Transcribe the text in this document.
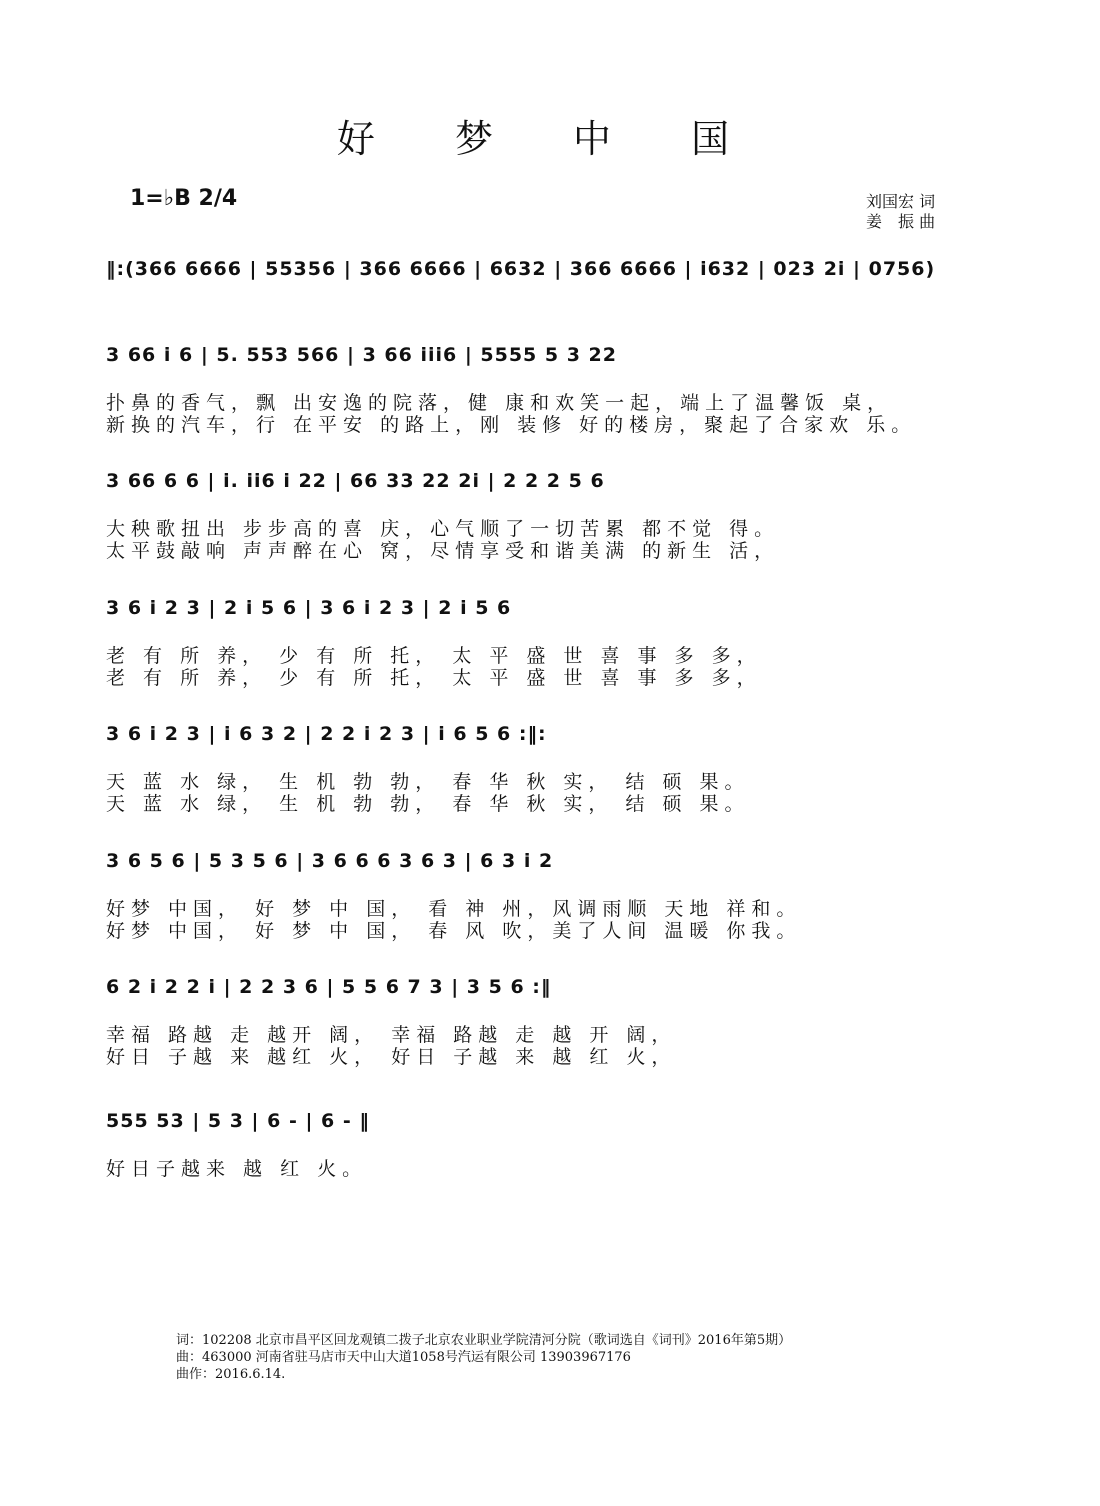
好 梦 中 国
1=♭B 2/4	刘国宏 词
姜　振 曲
‖:(366 6666 | 55356 | 366 6666 | 6632 | 366 6666 | i632 | 023 2i | 0756)
3 66 i 6 | 5. 553 566 | 3 66 iii6 | 5555 5 3 22
扑鼻的香气，飘 出安逸的院落，健 康和欢笑一起，端上了温馨饭 桌，
新换的汽车，行 在平安 的路上，刚 装修 好的楼房，聚起了合家欢 乐。
3 66 6 6 | i. ii6 i 22 | 66 33 22 2i | 2 2 2 5 6
大秧歌扭出 步步高的喜 庆，心气顺了一切苦累 都不觉 得。
太平鼓敲响 声声醉在心 窝，尽情享受和谐美满 的新生 活，
3 6 i 2 3 | 2 i 5 6 | 3 6 i 2 3 | 2 i 5 6
老 有 所 养， 少 有 所 托， 太 平 盛 世 喜 事 多 多，
老 有 所 养， 少 有 所 托， 太 平 盛 世 喜 事 多 多，
3 6 i 2 3 | i 6 3 2 | 2 2 i 2 3 | i 6 5 6 :‖:
天 蓝 水 绿， 生 机 勃 勃， 春 华 秋 实， 结 硕 果。
天 蓝 水 绿， 生 机 勃 勃， 春 华 秋 实， 结 硕 果。
3 6 5 6 | 5 3 5 6 | 3 6 6 6 3 6 3 | 6 3 i 2
好梦 中国， 好 梦 中 国， 看 神 州，风调雨顺 天地 祥和。
好梦 中国， 好 梦 中 国， 春 风 吹，美了人间 温暖 你我。
6 2 i 2 2 i | 2 2 3 6 | 5 5 6 7 3 | 3 5 6 :‖
幸福 路越 走 越开 阔， 幸福 路越 走 越 开 阔，
好日 子越 来 越红 火， 好日 子越 来 越 红 火，
555 53 | 5 3 | 6 - | 6 - ‖
好日子越来 越 红 火。
词：102208 北京市昌平区回龙观镇二拨子北京农业职业学院清河分院（歌词选自《词刊》2016年第5期）
曲：463000 河南省驻马店市天中山大道1058号汽运有限公司 13903967176
曲作：2016.6.14.
